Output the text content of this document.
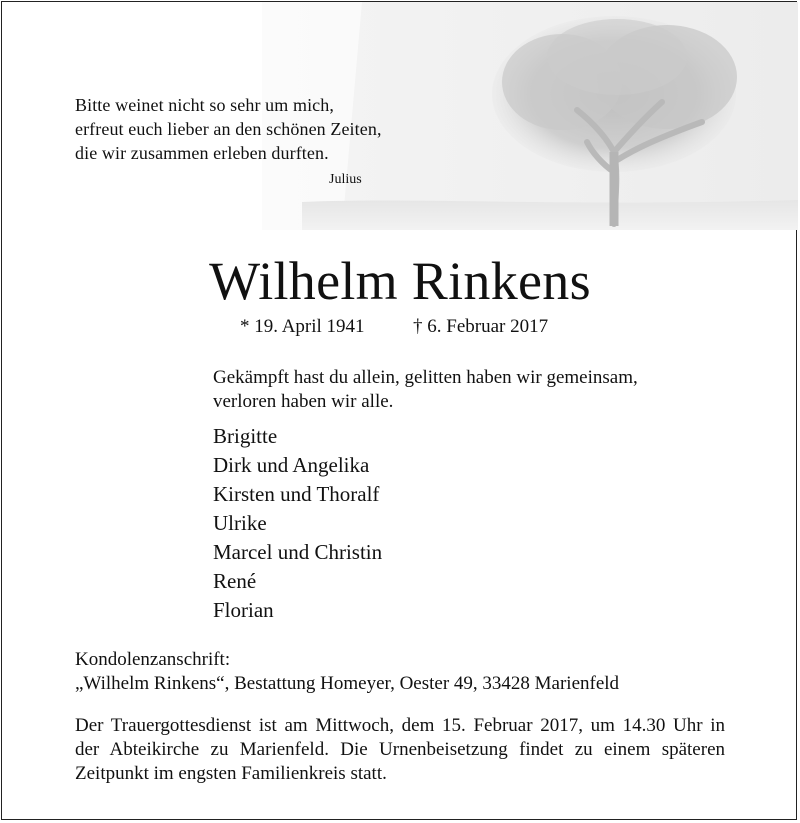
Bitte weinet nicht so sehr um mich,
erfreut euch lieber an den schönen Zeiten,
die wir zusammen erleben durften.
Julius
Wilhelm Rinkens
* 19. April 1941	† 6. Februar 2017
Gekämpft hast du allein, gelitten haben wir gemeinsam,
verloren haben wir alle.
Brigitte
Dirk und Angelika
Kirsten und Thoralf
Ulrike
Marcel und Christin
René
Florian
Kondolenzanschrift:
„Wilhelm Rinkens“, Bestattung Homeyer, Oester 49, 33428 Marienfeld
Der Trauergottesdienst ist am Mittwoch, dem 15. Februar 2017, um 14.30 Uhr in
der Abteikirche zu Marienfeld. Die Urnenbeisetzung findet zu einem späteren
Zeitpunkt im engsten Familienkreis statt.
